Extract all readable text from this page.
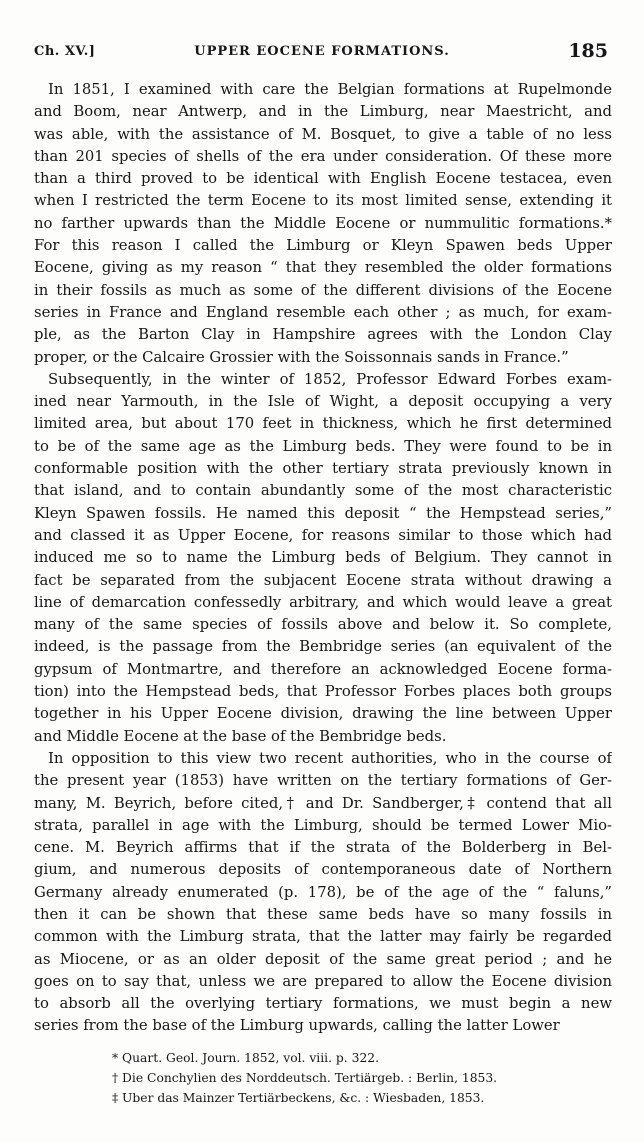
Ch. XV.]	UPPER EOCENE FORMATIONS.	185

In 1851, I examined with care the Belgian formations at Rupelmonde
and Boom, near Antwerp, and in the Limburg, near Maestricht, and
was able, with the assistance of M. Bosquet, to give a table of no less
than 201 species of shells of the era under consideration. Of these more
than a third proved to be identical with English Eocene testacea, even
when I restricted the term Eocene to its most limited sense, extending it
no farther upwards than the Middle Eocene or nummulitic formations.*
For this reason I called the Limburg or Kleyn Spawen beds Upper
Eocene, giving as my reason “ that they resembled the older formations
in their fossils as much as some of the different divisions of the Eocene
series in France and England resemble each other ; as much, for exam-
ple, as the Barton Clay in Hampshire agrees with the London Clay
proper, or the Calcaire Grossier with the Soissonnais sands in France.”

Subsequently, in the winter of 1852, Professor Edward Forbes exam-
ined near Yarmouth, in the Isle of Wight, a deposit occupying a very
limited area, but about 170 feet in thickness, which he first determined
to be of the same age as the Limburg beds. They were found to be in
conformable position with the other tertiary strata previously known in
that island, and to contain abundantly some of the most characteristic
Kleyn Spawen fossils. He named this deposit “ the Hempstead series,”
and classed it as Upper Eocene, for reasons similar to those which had
induced me so to name the Limburg beds of Belgium. They cannot in
fact be separated from the subjacent Eocene strata without drawing a
line of demarcation confessedly arbitrary, and which would leave a great
many of the same species of fossils above and below it. So complete,
indeed, is the passage from the Bembridge series (an equivalent of the
gypsum of Montmartre, and therefore an acknowledged Eocene forma-
tion) into the Hempstead beds, that Professor Forbes places both groups
together in his Upper Eocene division, drawing the line between Upper
and Middle Eocene at the base of the Bembridge beds.

In opposition to this view two recent authorities, who in the course of
the present year (1853) have written on the tertiary formations of Ger-
many, M. Beyrich, before cited,† and Dr. Sandberger,‡ contend that all
strata, parallel in age with the Limburg, should be termed Lower Mio-
cene. M. Beyrich affirms that if the strata of the Bolderberg in Bel-
gium, and numerous deposits of contemporaneous date of Northern
Germany already enumerated (p. 178), be of the age of the “ faluns,”
then it can be shown that these same beds have so many fossils in
common with the Limburg strata, that the latter may fairly be regarded
as Miocene, or as an older deposit of the same great period ; and he
goes on to say that, unless we are prepared to allow the Eocene division
to absorb all the overlying tertiary formations, we must begin a new
series from the base of the Limburg upwards, calling the latter Lower

* Quart. Geol. Journ. 1852, vol. viii. p. 322.
† Die Conchylien des Norddeutsch. Tertiärgeb. : Berlin, 1853.
‡ Uber das Mainzer Tertiärbeckens, &c. : Wiesbaden, 1853.
